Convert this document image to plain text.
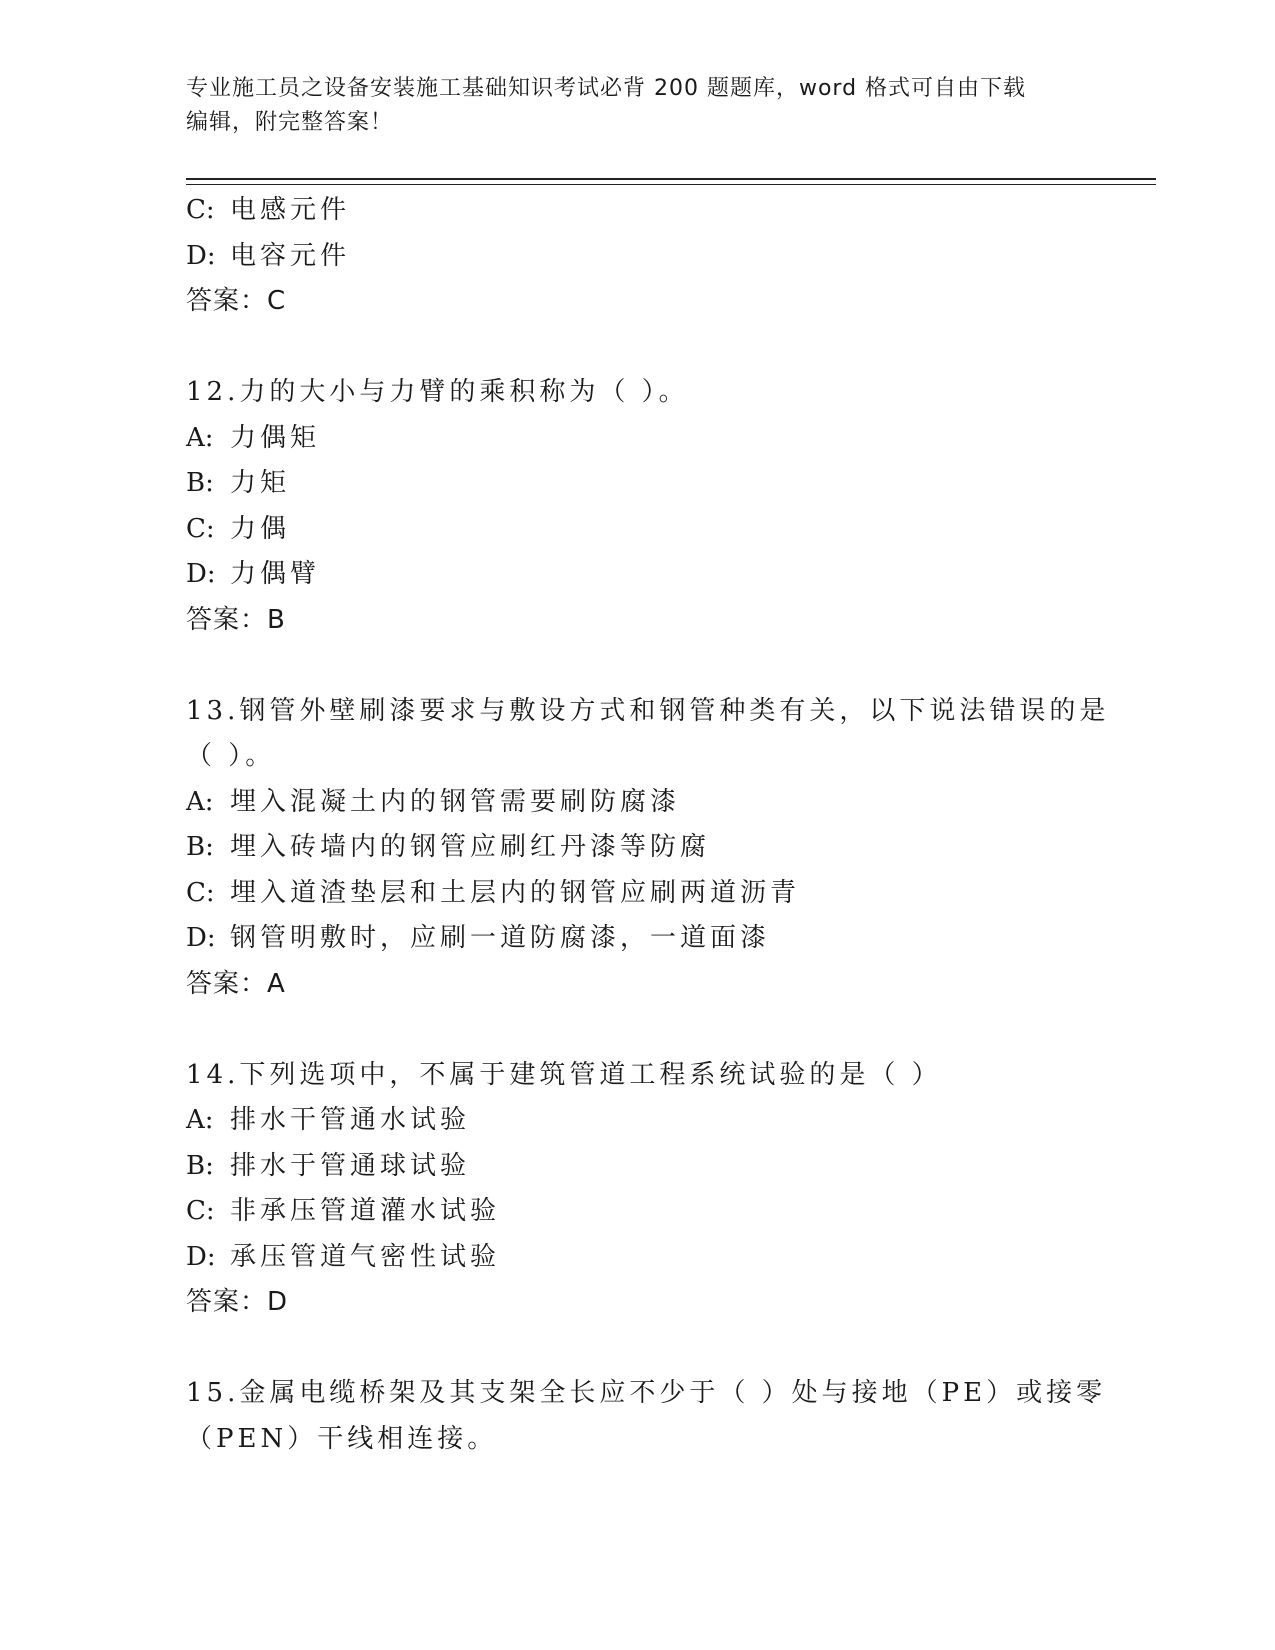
专业施工员之设备安装施工基础知识考试必背 200 题题库，word 格式可自由下载
编辑，附完整答案！
C: 电感元件
D: 电容元件
答案：C
12.力的大小与力臂的乘积称为（ ）。
A: 力偶矩
B: 力矩
C: 力偶
D: 力偶臂
答案：B
13.钢管外壁刷漆要求与敷设方式和钢管种类有关，以下说法错误的是
（ ）。
A: 埋入混凝土内的钢管需要刷防腐漆
B: 埋入砖墙内的钢管应刷红丹漆等防腐
C: 埋入道渣垫层和土层内的钢管应刷两道沥青
D: 钢管明敷时，应刷一道防腐漆，一道面漆
答案：A
14.下列选项中，不属于建筑管道工程系统试验的是（ ）
A: 排水干管通水试验
B: 排水于管通球试验
C: 非承压管道灌水试验
D: 承压管道气密性试验
答案：D
15.金属电缆桥架及其支架全长应不少于（ ）处与接地（PE）或接零
（PEN）干线相连接。
